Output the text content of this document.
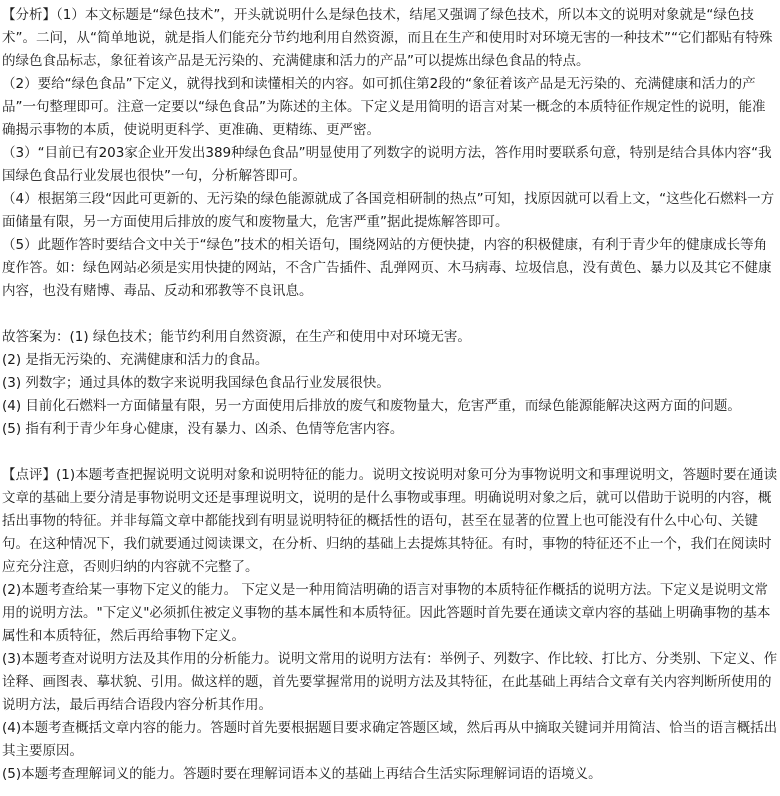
【分析】（1）本文标题是“绿色技术”，开头就说明什么是绿色技术，结尾又强调了绿色技术，所以本文的说明对象就是“绿色技术”。二问，从“简单地说，就是指人们能充分节约地利用自然资源，而且在生产和使用时对环境无害的一种技术”“它们都贴有特殊的绿色食品标志，象征着该产品是无污染的、充满健康和活力的产品”可以提炼出绿色食品的特点。

（2）要给“绿色食品”下定义，就得找到和读懂相关的内容。如可抓住第2段的“象征着该产品是无污染的、充满健康和活力的产品”一句整理即可。注意一定要以“绿色食品”为陈述的主体。下定义是用简明的语言对某一概念的本质特征作规定性的说明，能准确揭示事物的本质，使说明更科学、更准确、更精练、更严密。

（3）“目前已有203家企业开发出389种绿色食品”明显使用了列数字的说明方法，答作用时要联系句意，特别是结合具体内容“我国绿色食品行业发展也很快”一句，分析解答即可。

（4）根据第三段“因此可更新的、无污染的绿色能源就成了各国竞相研制的热点”可知，找原因就可以看上文，“这些化石燃料一方面储量有限，另一方面使用后排放的废气和废物量大，危害严重”据此提炼解答即可。

（5）此题作答时要结合文中关于“绿色”技术的相关语句，围绕网站的方便快捷，内容的积极健康，有利于青少年的健康成长等角度作答。如：绿色网站必须是实用快捷的网站，不含广告插件、乱弹网页、木马病毒、垃圾信息，没有黄色、暴力以及其它不健康内容，也没有赌博、毒品、反动和邪教等不良讯息。

故答案为：(1) 绿色技术；能节约利用自然资源，在生产和使用中对环境无害。

(2) 是指无污染的、充满健康和活力的食品。

(3) 列数字；通过具体的数字来说明我国绿色食品行业发展很快。

(4) 目前化石燃料一方面储量有限，另一方面使用后排放的废气和废物量大，危害严重，而绿色能源能解决这两方面的问题。

(5) 指有利于青少年身心健康，没有暴力、凶杀、色情等危害内容。

【点评】(1)本题考查把握说明文说明对象和说明特征的能力。说明文按说明对象可分为事物说明文和事理说明文，答题时要在通读文章的基础上要分清是事物说明文还是事理说明文，说明的是什么事物或事理。明确说明对象之后，就可以借助于说明的内容，概括出事物的特征。并非每篇文章中都能找到有明显说明特征的概括性的语句，甚至在显著的位置上也可能没有什么中心句、关键句。在这种情况下，我们就要通过阅读课文，在分析、归纳的基础上去提炼其特征。有时，事物的特征还不止一个，我们在阅读时应充分注意，否则归纳的内容就不完整了。

(2)本题考查给某一事物下定义的能力。 下定义是一种用简洁明确的语言对事物的本质特征作概括的说明方法。下定义是说明文常用的说明方法。"下定义"必须抓住被定义事物的基本属性和本质特征。因此答题时首先要在通读文章内容的基础上明确事物的基本属性和本质特征，然后再给事物下定义。

(3)本题考查对说明方法及其作用的分析能力。说明文常用的说明方法有：举例子、列数字、作比较、打比方、分类别、下定义、作诠释、画图表、摹状貌、引用。做这样的题，首先要掌握常用的说明方法及其特征，在此基础上再结合文章有关内容判断所使用的说明方法，最后再结合语段内容分析其作用。

(4)本题考查概括文章内容的能力。答题时首先要根据题目要求确定答题区域，然后再从中摘取关键词并用简洁、恰当的语言概括出其主要原因。

(5)本题考查理解词义的能力。答题时要在理解词语本义的基础上再结合生活实际理解词语的语境义。
